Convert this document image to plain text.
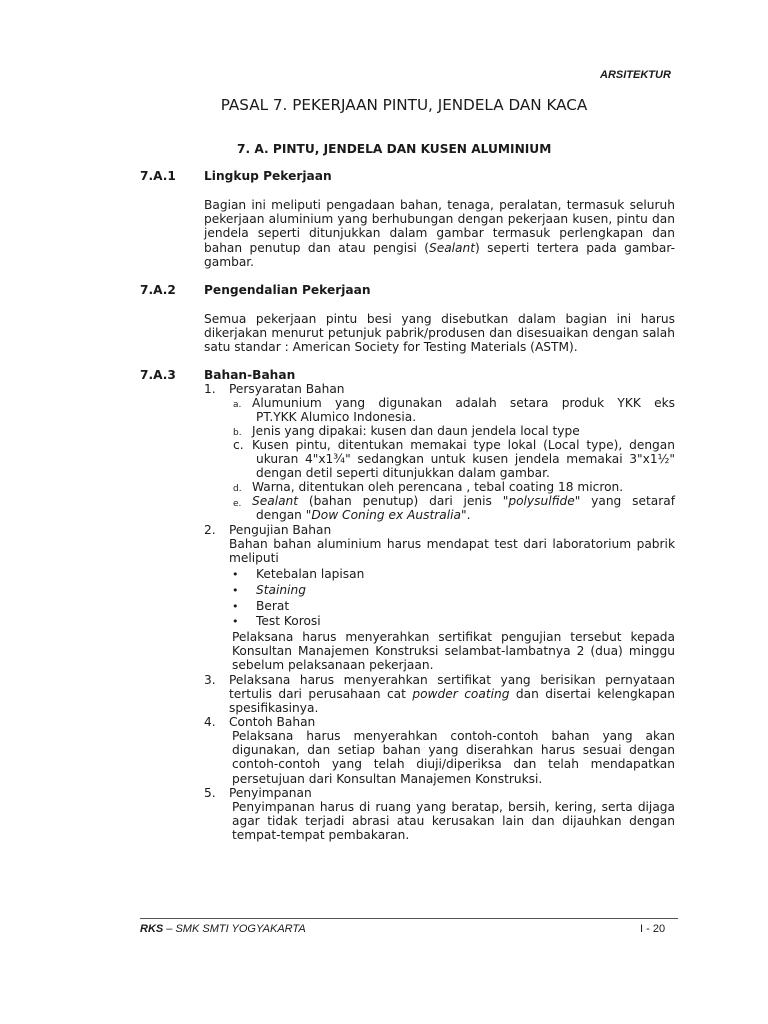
ARSITEKTUR
PASAL 7. PEKERJAAN PINTU, JENDELA DAN KACA
7. A. PINTU, JENDELA DAN KUSEN ALUMINIUM
7.A.1 Lingkup Pekerjaan
Bagian ini meliputi pengadaan bahan, tenaga, peralatan, termasuk seluruh pekerjaan aluminium yang berhubungan dengan pekerjaan kusen, pintu dan jendela seperti ditunjukkan dalam gambar termasuk perlengkapan dan bahan penutup dan atau pengisi (Sealant) seperti tertera pada gambar-gambar.
7.A.2 Pengendalian Pekerjaan
Semua pekerjaan pintu besi yang disebutkan dalam bagian ini harus dikerjakan menurut petunjuk pabrik/produsen dan disesuaikan dengan salah satu standar : American Society for Testing Materials (ASTM).
7.A.3 Bahan-Bahan
1. Persyaratan Bahan
a. Alumunium yang digunakan adalah setara produk YKK eks
PT.YKK Alumico Indonesia.
b. Jenis yang dipakai: kusen dan daun jendela local type
c. Kusen pintu, ditentukan memakai type lokal (Local type), dengan
ukuran 4"x1¾" sedangkan untuk kusen jendela memakai 3"x1½" dengan detil seperti ditunjukkan dalam gambar.
d. Warna, ditentukan oleh perencana , tebal coating 18 micron.
e. Sealant (bahan penutup) dari jenis "polysulfide" yang setaraf
dengan "Dow Coning ex Australia".
2. Pengujian Bahan
Bahan bahan aluminium harus mendapat test dari laboratorium pabrik meliputi
• Ketebalan lapisan
• Staining
• Berat
• Test Korosi
Pelaksana harus menyerahkan sertifikat pengujian tersebut kepada Konsultan Manajemen Konstruksi selambat-lambatnya 2 (dua) minggu sebelum pelaksanaan pekerjaan.
3. Pelaksana harus menyerahkan sertifikat yang berisikan pernyataan tertulis dari perusahaan cat powder coating dan disertai kelengkapan spesifikasinya.
4. Contoh Bahan
Pelaksana harus menyerahkan contoh-contoh bahan yang akan digunakan, dan setiap bahan yang diserahkan harus sesuai dengan contoh-contoh yang telah diuji/diperiksa dan telah mendapatkan persetujuan dari Konsultan Manajemen Konstruksi.
5. Penyimpanan
Penyimpanan harus di ruang yang beratap, bersih, kering, serta dijaga agar tidak terjadi abrasi atau kerusakan lain dan dijauhkan dengan tempat-tempat pembakaran.
RKS – SMK SMTI YOGYAKARTA	I - 20
